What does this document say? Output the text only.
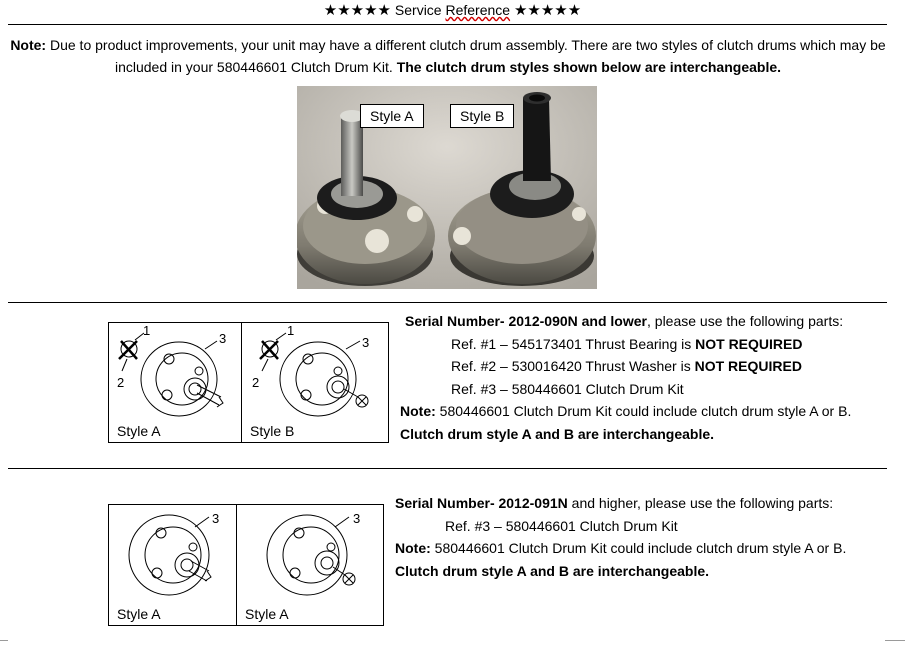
★★★★★ Service Reference ★★★★★
Note: Due to product improvements, your unit may have a different clutch drum assembly. There are two styles of clutch drums which may be included in your 580446601 Clutch Drum Kit. The clutch drum styles shown below are interchangeable.
Style A	Style B
1
2
3
Style A
1
2
3
Style B
Serial Number- 2012-090N and lower, please use the following parts:
Ref. #1 – 545173401 Thrust Bearing is NOT REQUIRED
Ref. #2 – 530016420 Thrust Washer is NOT REQUIRED
Ref. #3 – 580446601 Clutch Drum Kit
Note: 580446601 Clutch Drum Kit could include clutch drum style A or B.
Clutch drum style A and B are interchangeable.
3
Style A
3
Style A
Serial Number- 2012-091N and higher, please use the following parts:
Ref. #3 – 580446601 Clutch Drum Kit
Note: 580446601 Clutch Drum Kit could include clutch drum style A or B.
Clutch drum style A and B are interchangeable.
